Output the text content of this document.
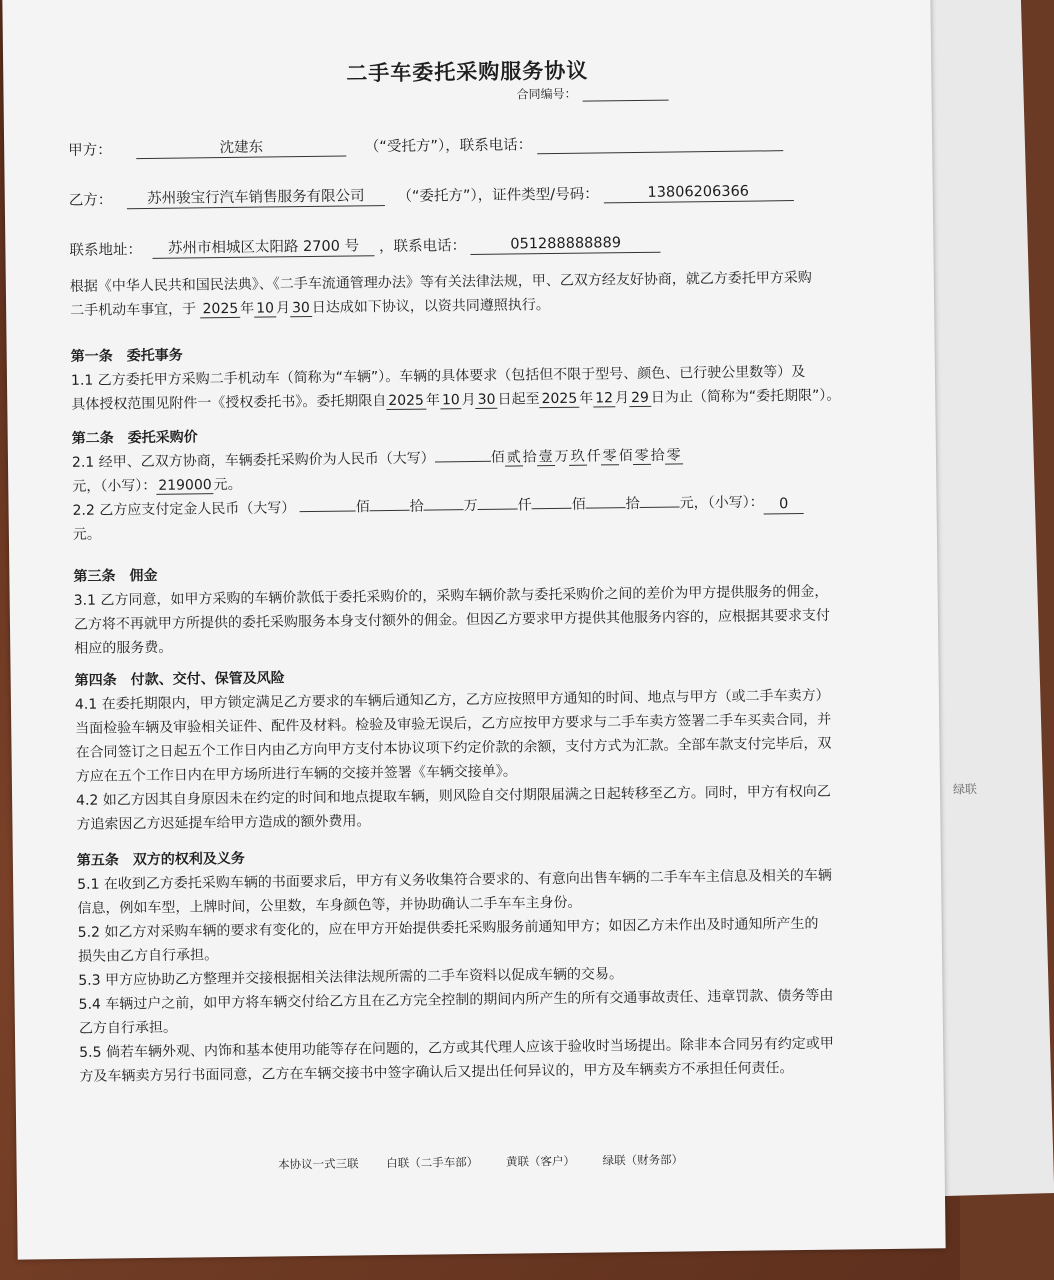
绿联
二手车委托采购服务协议
合同编号：
甲方：	沈建东	（“受托方”），联系电话：
乙方： 苏州骏宝行汽车销售服务有限公司 （“委托方”），证件类型/号码：	13806206366
联系地址： 苏州市相城区太阳路 2700 号 ，联系电话：	051288888889
根据《中华人民共和国民法典》、《二手车流通管理办法》等有关法律法规，甲、乙双方经友好协商，就乙方委托甲方采购
二手机动车事宜，于 2025 年 10 月 30 日达成如下协议，以资共同遵照执行。
第一条　委托事务
1.1 乙方委托甲方采购二手机动车（简称为“车辆”）。车辆的具体要求（包括但不限于型号、颜色、已行驶公里数等）及
具体授权范围见附件一《授权委托书》。委托期限自 2025 年 10 月 30 日起至 2025 年 12 月 29 日为止（简称为“委托期限”）。
第二条　委托采购价
2.1 经甲、乙双方协商，车辆委托采购价为人民币（大写）	佰 贰 拾 壹 万 玖 仟 零 佰 零 拾 零
元，（小写）： 219000 元。
2.2 乙方应支付定金人民币（大写）	佰	拾	万	仟	佰	拾	元，（小写）： 0
元。
第三条　佣金
3.1 乙方同意，如甲方采购的车辆价款低于委托采购价的，采购车辆价款与委托采购价之间的差价为甲方提供服务的佣金，
乙方将不再就甲方所提供的委托采购服务本身支付额外的佣金。但因乙方要求甲方提供其他服务内容的，应根据其要求支付
相应的服务费。
第四条　付款、交付、保管及风险
4.1 在委托期限内，甲方锁定满足乙方要求的车辆后通知乙方，乙方应按照甲方通知的时间、地点与甲方（或二手车卖方）
当面检验车辆及审验相关证件、配件及材料。检验及审验无误后，乙方应按甲方要求与二手车卖方签署二手车买卖合同，并
在合同签订之日起五个工作日内由乙方向甲方支付本协议项下约定价款的余额，支付方式为汇款。全部车款支付完毕后，双
方应在五个工作日内在甲方场所进行车辆的交接并签署《车辆交接单》。
4.2 如乙方因其自身原因未在约定的时间和地点提取车辆，则风险自交付期限届满之日起转移至乙方。同时，甲方有权向乙
方追索因乙方迟延提车给甲方造成的额外费用。
第五条　双方的权利及义务
5.1 在收到乙方委托采购车辆的书面要求后，甲方有义务收集符合要求的、有意向出售车辆的二手车车主信息及相关的车辆
信息，例如车型，上牌时间，公里数，车身颜色等，并协助确认二手车车主身份。
5.2 如乙方对采购车辆的要求有变化的，应在甲方开始提供委托采购服务前通知甲方；如因乙方未作出及时通知所产生的
损失由乙方自行承担。
5.3 甲方应协助乙方整理并交接根据相关法律法规所需的二手车资料以促成车辆的交易。
5.4 车辆过户之前，如甲方将车辆交付给乙方且在乙方完全控制的期间内所产生的所有交通事故责任、违章罚款、债务等由
乙方自行承担。
5.5 倘若车辆外观、内饰和基本使用功能等存在问题的，乙方或其代理人应该于验收时当场提出。除非本合同另有约定或甲
方及车辆卖方另行书面同意，乙方在车辆交接书中签字确认后又提出任何异议的，甲方及车辆卖方不承担任何责任。
本协议一式三联 白联（二手车部） 黄联（客户） 绿联（财务部）
